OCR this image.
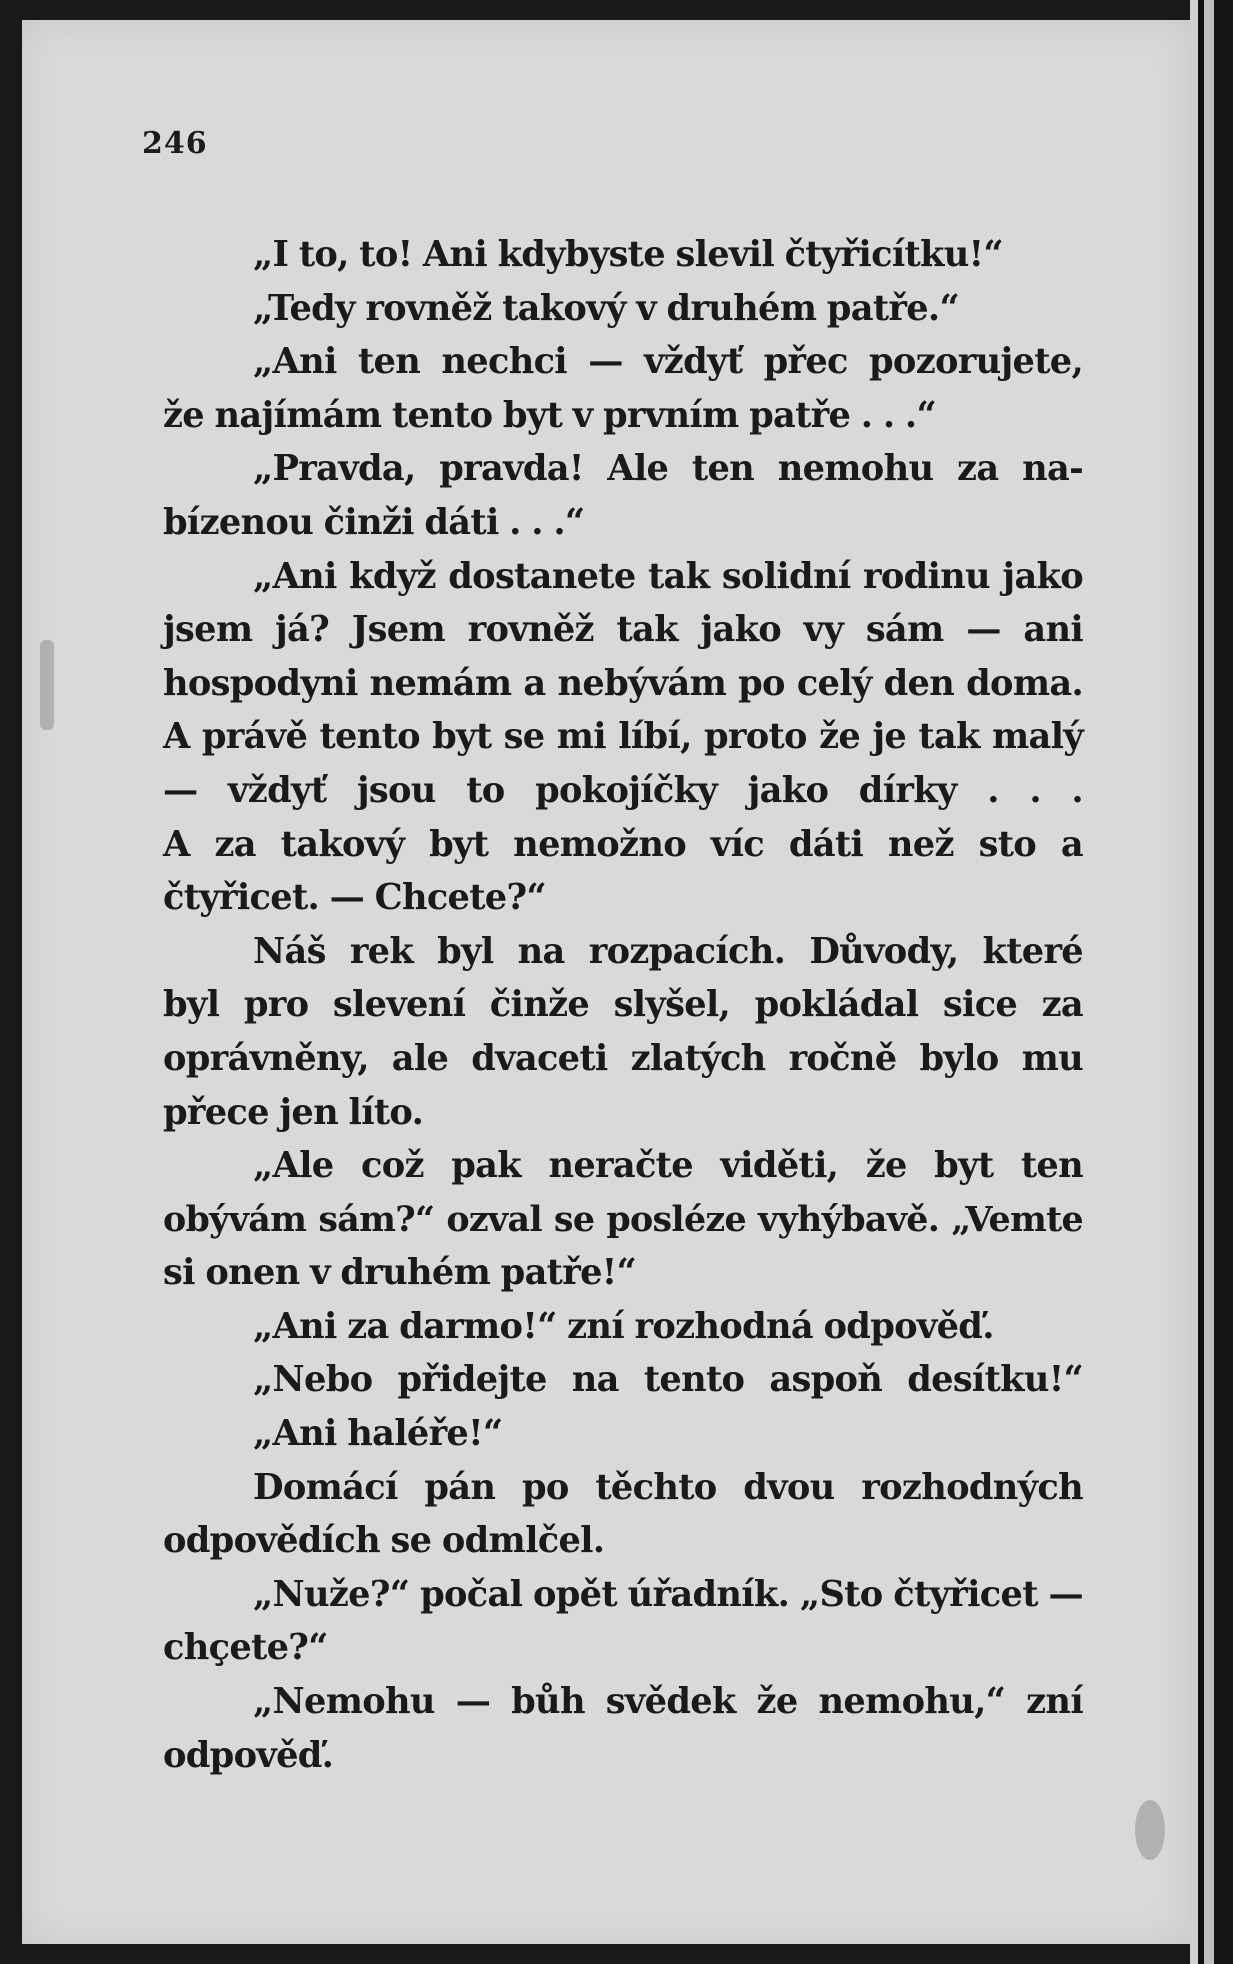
246
„I to, to! Ani kdybyste slevil čtyřicítku!“
„Tedy rovněž takový v druhém patře.“
„Ani ten nechci — vždyť přec pozorujete,
že najímám tento byt v prvním patře . . .“
„Pravda, pravda! Ale ten nemohu za na-
bízenou činži dáti . . .“
„Ani když dostanete tak solidní rodinu jako
jsem já? Jsem rovněž tak jako vy sám — ani
hospodyni nemám a nebývám po celý den doma.
A právě tento byt se mi líbí, proto že je tak malý
— vždyť jsou to pokojíčky jako dírky . . .
A za takový byt nemožno víc dáti než sto a
čtyřicet. — Chcete?“
Náš rek byl na rozpacích. Důvody, které
byl pro slevení činže slyšel, pokládal sice za
oprávněny, ale dvaceti zlatých ročně bylo mu
přece jen líto.
„Ale což pak neračte viděti, že byt ten
obývám sám?“ ozval se posléze vyhýbavě. „Vemte
si onen v druhém patře!“
„Ani za darmo!“ zní rozhodná odpověď.
„Nebo přidejte na tento aspoň desítku!“
„Ani haléře!“
Domácí pán po těchto dvou rozhodných
odpovědích se odmlčel.
„Nuže?“ počal opět úřadník. „Sto čtyřicet —
chçete?“
„Nemohu — bůh svědek že nemohu,“ zní
odpověď.
